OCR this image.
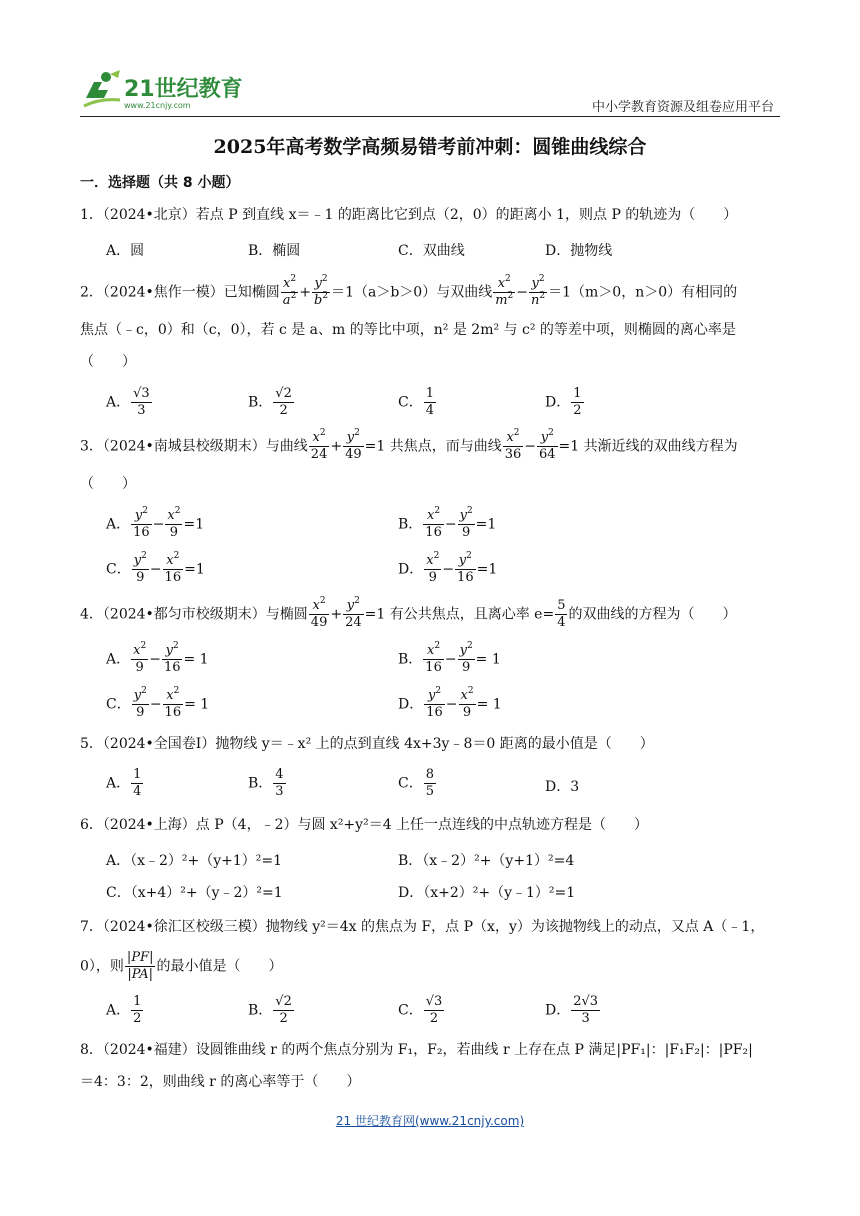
21世纪教育
www.21cnjy.com	中小学教育资源及组卷应用平台
2025年高考数学高频易错考前冲刺：圆锥曲线综合
一．选择题（共 8 小题）
1．（2024•北京）若点 P 到直线 x＝﹣1 的距离比它到点（2，0）的距离小 1，则点 P 的轨迹为（　　）
A．圆	B．椭圆	C．双曲线	D．抛物线
2．（2024•焦作一模）已知椭圆 $\frac{x^2}{a^2} + \frac{y^2}{b^2} =1(a>b>0)$与双曲线 $\frac{x^2}{m^2} - \frac{y^2}{n^2} =1(m>0$，n＞0）有相同的
焦点（﹣c，0）和（c，0），若 c 是 a、m 的等比中项，n² 是 2m² 与 c² 的等差中项，则椭圆的离心率是
（　　）
A． $\frac{√3}{3}$	B． $\frac{√2}{2}$	C． $\frac{1}{4}$	D． $\frac{1}{2}$
3．（2024•南城县校级期末）与曲线 $\frac{x^2}{24} + \frac{y^2}{49} =1$ 共焦点，而与曲线 $\frac{x^2}{36} - \frac{y^2}{64} =1$ 共渐近线的双曲线方程为
（　　）
A． $\frac{y^2}{16} - \frac{x^2}{9} =1$	B． $\frac{x^2}{16} - \frac{y^2}{9} =1$
C． $\frac{y^2}{9} - \frac{x^2}{16} =1$	D． $\frac{x^2}{9} - \frac{y^2}{16} =1$
4．（2024•都匀市校级期末）与椭圆 $\frac{x^2}{49} + \frac{y^2}{24} =1$ 有公共焦点，且离心率 $e= \frac{5}{4}$ 的双曲线的方程为（　　）
A． $\frac{x^2}{9} - \frac{y^2}{16} = 1$	B． $\frac{x^2}{16} - \frac{y^2}{9} = 1$
C． $\frac{y^2}{9} - \frac{x^2}{16} = 1$	D． $\frac{y^2}{16} - \frac{x^2}{9} = 1$
5．（2024•全国卷Ⅰ）抛物线 y＝﹣x² 上的点到直线 4x+3y﹣8＝0 距离的最小值是（　　）
A． $\frac{1}{4}$	B． $\frac{4}{3}$	C． $\frac{8}{5}$	D．3
6．（2024•上海）点 P（4，﹣2）与圆 x²+y²＝4 上任一点连线的中点轨迹方程是（　　）
A．（x﹣2）²+（y+1）²=1	B．（x﹣2）²+（y+1）²=4
C．（x+4）²+（y﹣2）²=1	D．（x+2）²+（y﹣1）²=1
7．（2024•徐汇区校级三模）抛物线 y²＝4x 的焦点为 F，点 P（x，y）为该抛物线上的动点，又点 A（﹣1，
0），则 $\frac{|PF|}{|PA|}$ 的最小值是（　　）
A． $\frac{1}{2}$	B． $\frac{√2}{2}$	C． $\frac{√3}{2}$	D． $\frac{2√3}{3}$
8．（2024•福建）设圆锥曲线 r 的两个焦点分别为 F₁，F₂，若曲线 r 上存在点 P 满足|PF₁|：|F₁F₂|：|PF₂|
＝4：3：2，则曲线 r 的离心率等于（　　）
21 世纪教育网(www.21cnjy.com)
